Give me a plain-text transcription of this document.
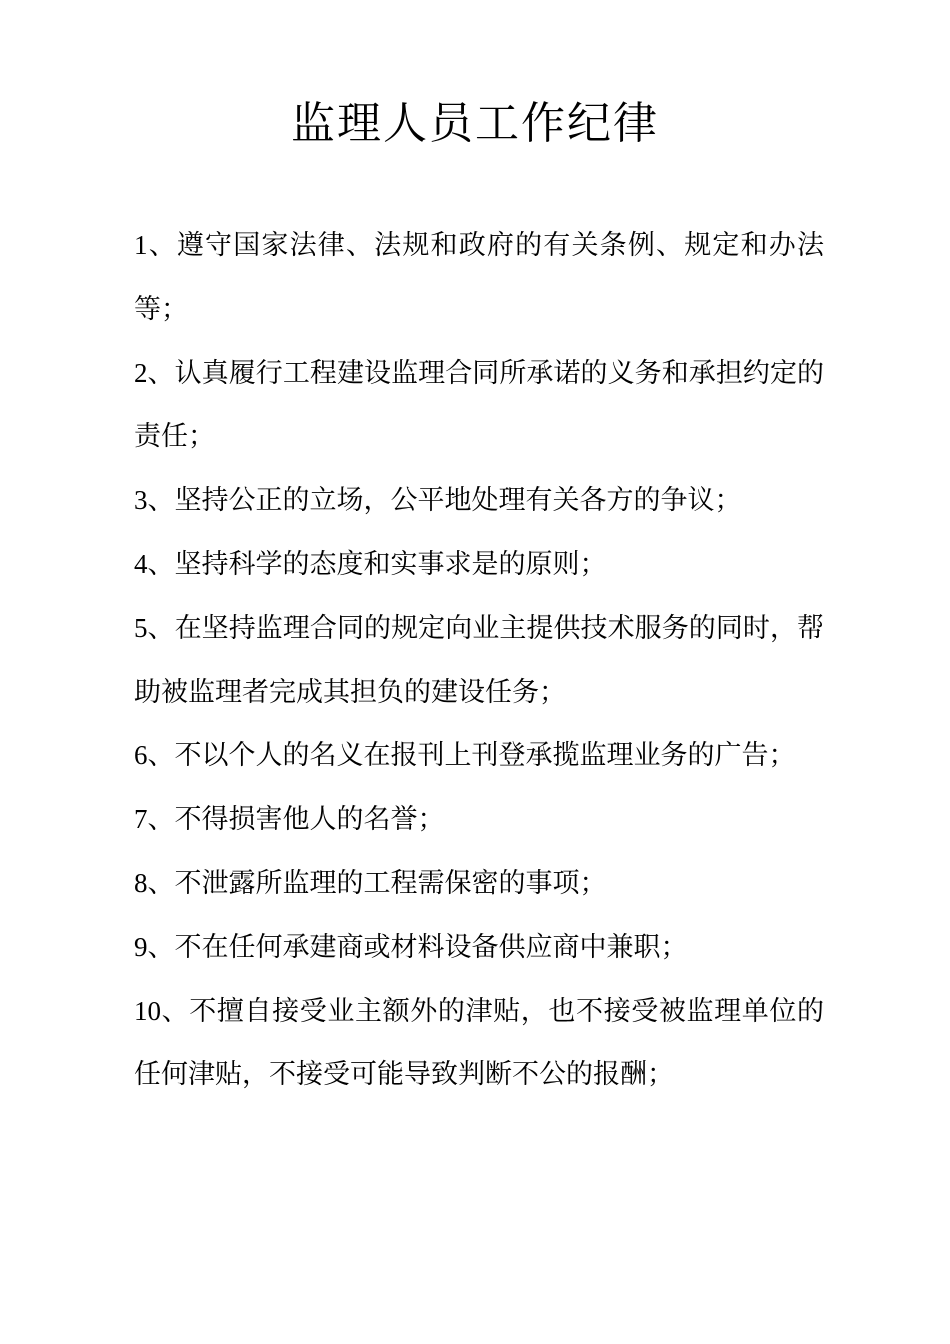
监理人员工作纪律
1、遵守国家法律、法规和政府的有关条例、规定和办法等；
2、认真履行工程建设监理合同所承诺的义务和承担约定的责任；
3、坚持公正的立场，公平地处理有关各方的争议；
4、坚持科学的态度和实事求是的原则；
5、在坚持监理合同的规定向业主提供技术服务的同时，帮助被监理者完成其担负的建设任务；
6、不以个人的名义在报刊上刊登承揽监理业务的广告；
7、不得损害他人的名誉；
8、不泄露所监理的工程需保密的事项；
9、不在任何承建商或材料设备供应商中兼职；
10、不擅自接受业主额外的津贴，也不接受被监理单位的任何津贴，不接受可能导致判断不公的报酬；
